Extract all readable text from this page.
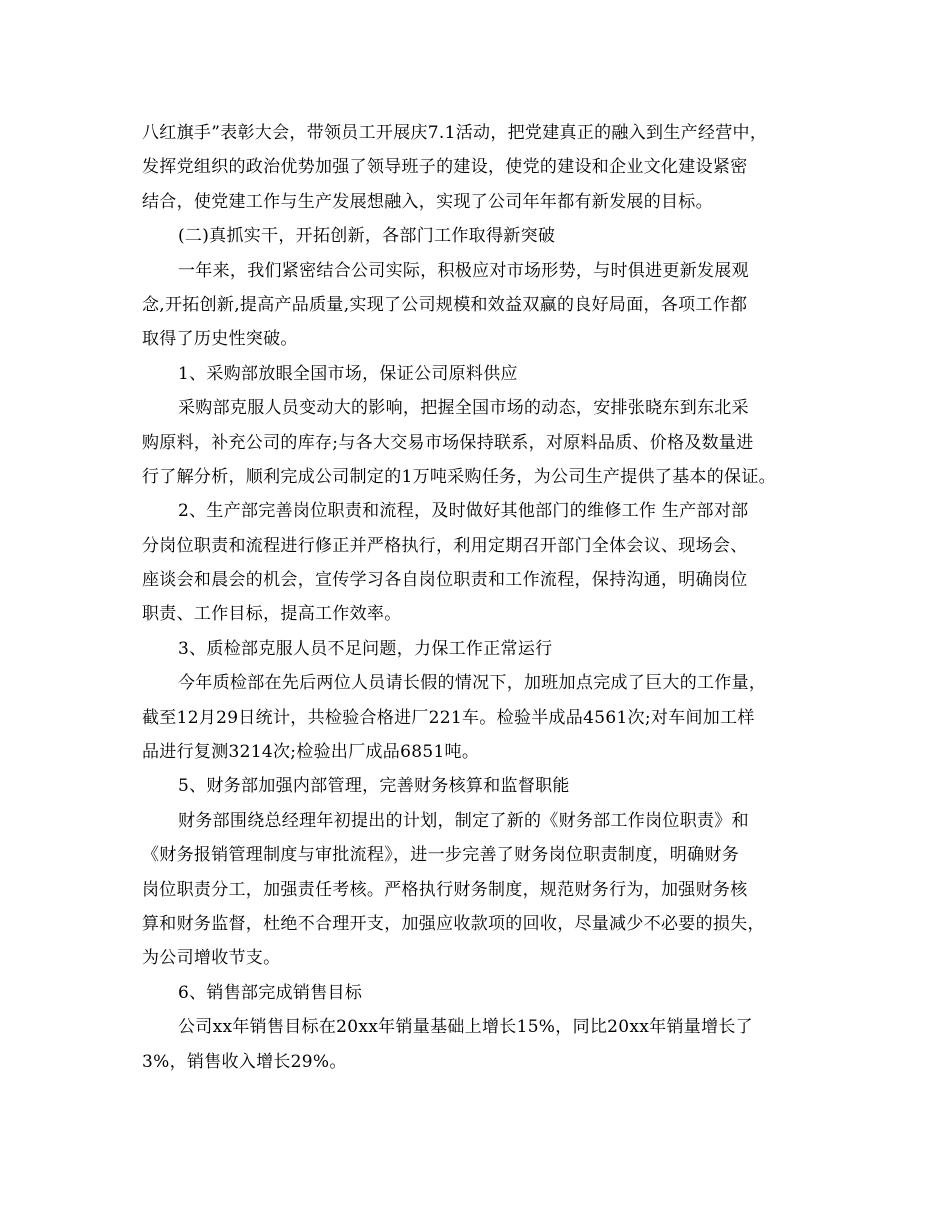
八红旗手”表彰大会，带领员工开展庆7.1活动，把党建真正的融入到生产经营中，
发挥党组织的政治优势加强了领导班子的建设，使党的建设和企业文化建设紧密
结合，使党建工作与生产发展想融入，实现了公司年年都有新发展的目标。
(二)真抓实干，开拓创新，各部门工作取得新突破
一年来，我们紧密结合公司实际，积极应对市场形势，与时俱进更新发展观
念,开拓创新,提高产品质量,实现了公司规模和效益双赢的良好局面，各项工作都
取得了历史性突破。
1、采购部放眼全国市场，保证公司原料供应
采购部克服人员变动大的影响，把握全国市场的动态，安排张晓东到东北采
购原料，补充公司的库存;与各大交易市场保持联系，对原料品质、价格及数量进
行了解分析，顺利完成公司制定的1万吨采购任务，为公司生产提供了基本的保证。
2、生产部完善岗位职责和流程，及时做好其他部门的维修工作 生产部对部
分岗位职责和流程进行修正并严格执行，利用定期召开部门全体会议、现场会、
座谈会和晨会的机会，宣传学习各自岗位职责和工作流程，保持沟通，明确岗位
职责、工作目标，提高工作效率。
3、质检部克服人员不足问题，力保工作正常运行
今年质检部在先后两位人员请长假的情况下，加班加点完成了巨大的工作量，
截至12月29日统计，共检验合格进厂221车。检验半成品4561次;对车间加工样
品进行复测3214次;检验出厂成品6851吨。
5、财务部加强内部管理，完善财务核算和监督职能
财务部围绕总经理年初提出的计划，制定了新的《财务部工作岗位职责》和
《财务报销管理制度与审批流程》，进一步完善了财务岗位职责制度，明确财务
岗位职责分工，加强责任考核。严格执行财务制度，规范财务行为，加强财务核
算和财务监督，杜绝不合理开支，加强应收款项的回收，尽量减少不必要的损失，
为公司增收节支。
6、销售部完成销售目标
公司xx年销售目标在20xx年销量基础上增长15%，同比20xx年销量增长了
3%，销售收入增长29%。
